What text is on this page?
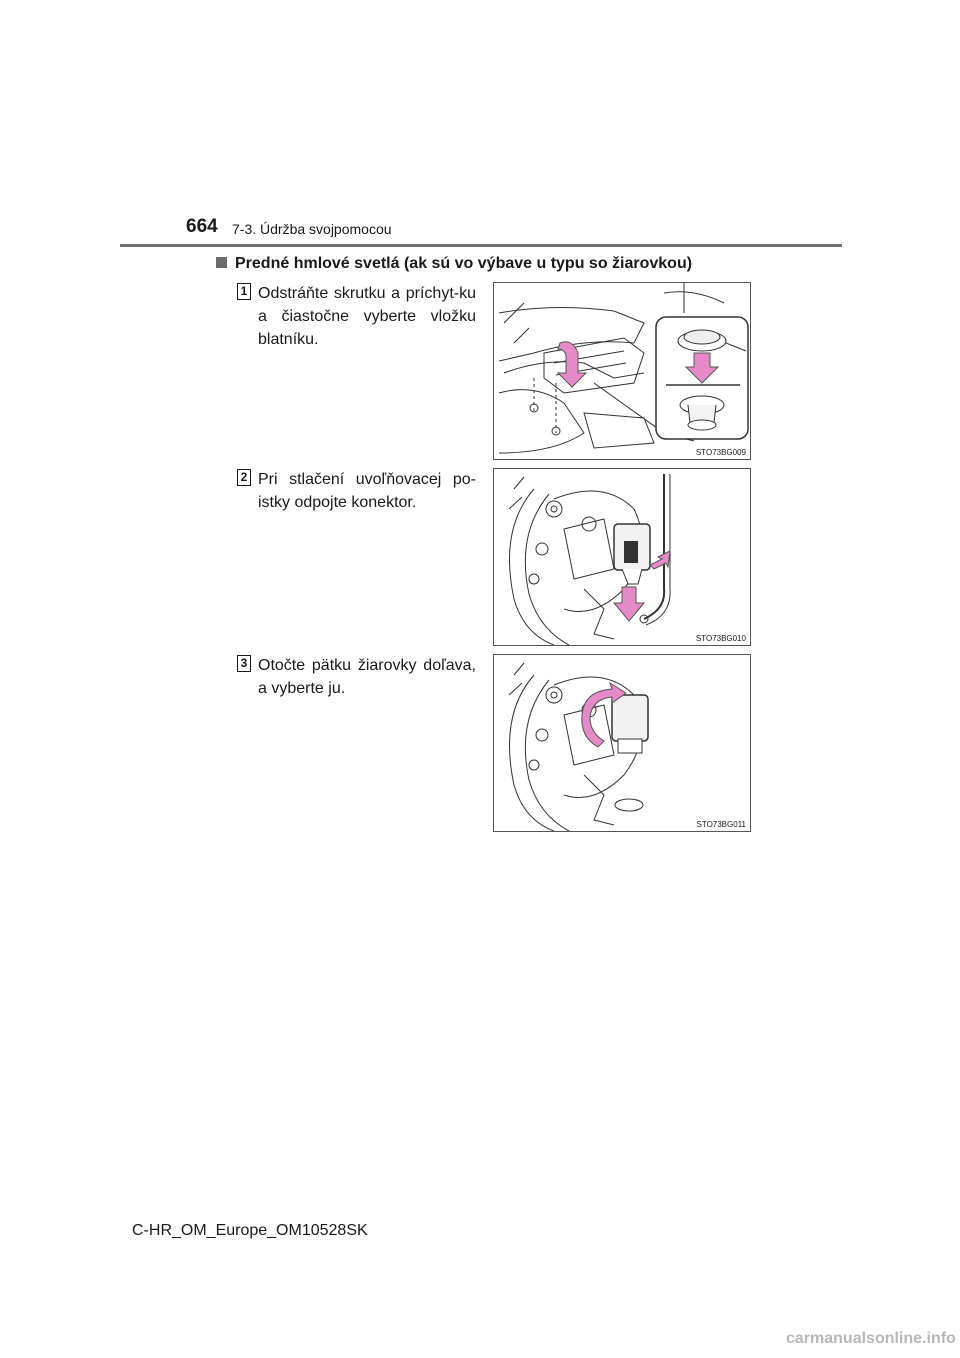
664 7-3. Údržba svojpomocou
Predné hmlové svetlá (ak sú vo výbave u typu so žiarovkou)
1 Odstráňte skrutku a príchyt-ku a čiastočne vyberte vložku blatníku.
STO73BG009
2 Pri stlačení uvoľňovacej po-istky odpojte konektor.
STO73BG010
3 Otočte pätku žiarovky doľava, a vyberte ju.
STO73BG011
C-HR_OM_Europe_OM10528SK
carmanualsonline.info
